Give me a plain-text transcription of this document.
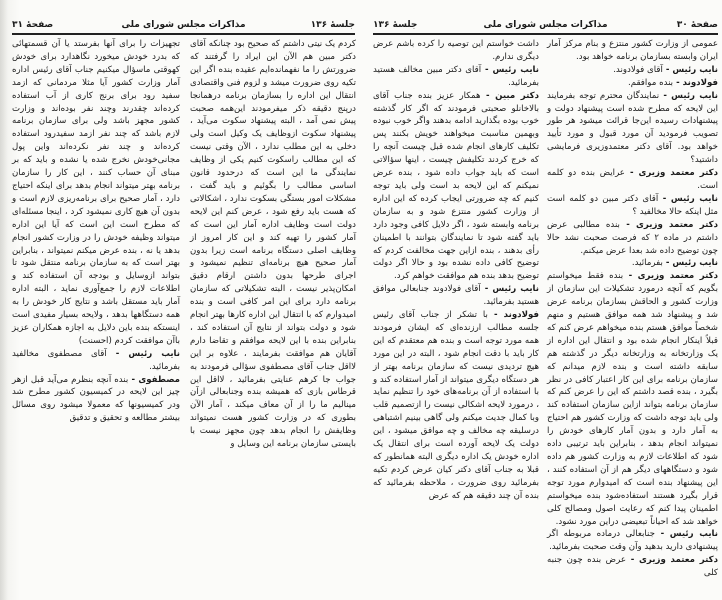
جلسهٔ ۱۳۶
مذاکرات مجلس شورای ملی
صفحهٔ ۳۱

کردم یک نیتی داشتم که صحیح بود چنانکه آقای دکتر مبین هم الآن این ایراد را گرفتند که ضرورتش را ما نفهمانده‌ایم عقیده بنده اگر این تکیه روی ضرورت میشد و لزوم فنی واقتصادی انتقال این اداره را بسازمان برنامه درهمانجا درپنج دقیقه ذکر میفرمودند این‌همه صحبت پیش نمی آمد ، البته پیشنهاد سکوت می‌آید ، پیشنهاد سکوت ازوظایف یک وکیل است ولی دخلی به این مطلب ندارد ، الآن وقتی نیست که این مطالب راسکوت کنیم یکی از وظایف نمایندگی ما این است که درحدود قانون اساسی مطالب را بگوئیم و باید گفت ، مشکلات امور بستگی بسکوت ندارد ، اشکالاتی که هست باید رفع شود ، عرض کنم این لایحه دولت است وظایف اداره آمار این است که آمار کشور را تهیه کند و این کار امروز از وظایف اصلی دستگاه برنامه است زیرا بدون آمار صحیح هیچ برنامه‌ای تنظیم نمیشود و اجرای طرحها بدون داشتن ارقام دقیق امکان‌پذیر نیست ، البته تشکیلاتی که سازمان برنامه دارد برای این امر کافی است و بنده امیدوارم که با انتقال این اداره کارها بهتر انجام شود و دولت بتواند از نتایج آن استفاده کند ، بنابراین بنده با این لایحه موافقم و تقاضا دارم آقایان هم موافقت بفرمایند ، علاوه بر این لااقل جناب آقای مصطفوی سؤالی فرمودند به جواب جا کرهم عنایتی بفرمائید ، لااقل این قرطاس بازی که همیشه بنده وجنابعالی ازآن مینالیم ما را از آن معاف میکند ، آمار الآن بطوری که در وزارت کشور هست نمیتواند وظایفش را انجام بدهد چون مجهز نیست با بایستی سازمان برنامه این وسایل و

تجهیزات را برای آنها بفرستد یا آن قسمتهائی که بدرد خودش میخورد نگاهدارد برای خودش کهوقتی ماسؤال میکنیم جناب آقای رئیس اداره آمار وزارت کشور آیا مثلا مردمانی که ازمد سفید رود برای برنج کاری از آب استفاده کرده‌اند چقدرند وچند نفر بوده‌اند و وزارت کشور مجهز باشد ولی برای سازمان برنامه لازم باشد که چند نفر ازمد سفیدرود استفاده کرده‌اند و چند نفر نکرده‌اند واین پول مجانی‌خودش نخرج شده یا نشده و باید که بر مبنای آن حساب کنند ، این کار را سازمان برنامه بهتر میتواند انجام بدهد برای اینکه احتیاج دارد ، آمار صحیح برای برنامه‌ریزی لازم است و بدون آن هیچ کاری نمیشود کرد ، اینجا مسئله‌ای که مطرح است این است که آیا این اداره میتواند وظیفه خودش را در وزارت کشور انجام بدهد یا نه ، بنده عرض میکنم نمیتواند ، بنابراین بهتر است که به سازمان برنامه منتقل شود تا بتواند ازوسایل و بودجه آن استفاده کند و اطلاعات لازم را جمع‌آوری نماید ، البته اداره آمار باید مستقل باشد و نتایج کار خودش را به همه دستگاهها بدهد ، ولایحه بسیار مفیدی است اینستکه بنده باین دلایل به اجازه همکاران عزیز باآن موافقت کردم (احسنت)

نایب رئیس - آقای مصطفوی مخالفید بفرمائید.

مصطفوی - بنده آنچه بنظرم می‌آید قبل ازهر چیز این لایحه در کمیسیون کشور مطرح شد ودر کمیسیونها که معمولا میشود روی مسائل بیشتر مطالعه و تحقیق و تدقیق

صفحهٔ ۳۰
مذاکرات مجلس شورای ملی
جلسهٔ ۱۳۶

عمومی از وزارت کشور منتزع و بنام مرکز آمار ایران وابسته بسازمان برنامه خواهد بود.

نایب رئیس - آقای فولادوند.

فولادوند - بنده موافقم.

نایب رئیس - نمایندگان محترم توجه بفرمایند این لایحه که مطرح شده است پیشنهاد دولت و پیشنهادات رسیده این‌جا قرائت میشود هر طور تصویب فرمودید آن مورد قبول و مورد تأیید خواهد بود. آقای دکتر معتمدوزیری فرمایشی داشتید؟

دکتر معتمد وزیری - عرایض بنده دو کلمه است.

نایب رئیس - آقای دکتر مبین دو کلمه است مثل اینکه حالا مخالفید ؟

دکتر معتمد وزیری - بنده مطالبی عرض داشتم در ماده ۲ که فرصت صحبت نشد حالا چون توضیح داده شد بعدا عرض میکنم.

نایب رئیس - بفرمائید.

دکتر معتمد وزیری - بنده فقط میخواستم بگویم که آنچه درمورد تشکیلات این سازمان از وزارت کشور و الحاقش بسازمان برنامه عرض شد و پیشنهاد شد همه موافق هستیم و منهم شخصاً موافق هستم بنده میخواهم عرض کنم که قبلاً اینکار انجام شده بود و انتقال این اداره از یک وزارتخانه به وزارتخانه دیگر در گذشته هم سابقه داشته است و بنده لازم میدانم که سازمان برنامه برای این کار اعتبار کافی در نظر بگیرد ، بنده قصد داشتم که این را عرض کنم که سازمان برنامه بتواند ازاین سازمان استفاده کند ولی باید توجه داشت که وزارت کشور هم احتیاج به آمار دارد و بدون آمار کارهای خودش را نمیتواند انجام بدهد ، بنابراین باید ترتیبی داده شود که اطلاعات لازم به وزارت کشور هم داده شود و دستگاههای دیگر هم از آن استفاده کنند ، این پیشنهاد بنده است که امیدوارم مورد توجه قرار بگیرد هستند استفاده‌شود بنده میخواستم اطمینان پیدا کنم که رعایت اصول ومصالح کلی خواهد شد که احیاناً تبعیضی دراین مورد نشود.

نایب رئیس - جنابعالی درماده مربوطه اگر پیشنهادی دارید بدهید وآن وقت صحبت بفرمائید.

دکتر معتمد وزیری - عرض بنده چون جنبه کلی

داشت خواستم این توصیه را کرده باشم عرض دیگری ندارم.

نایب رئیس - آقای دکتر مبین مخالف هستید بفرمائید.

دکتر مبین - همکار عزیز بنده جناب آقای بالاخانلو صحبتی فرمودند که اگر کار گذشته خوب بوده بگذارید ادامه بدهند واگر خوب نبوده وبهمین مناسبت میخواهند خویش بکنند پس تکلیف کارهای انجام شده قبل چیست آنچه را که خرج کردند تکلیفش چیست ، اینها سؤالاتی است که باید جواب داده شود ، بنده عرض نمیکنم که این لایحه بد است ولی باید توجه کنیم که چه ضرورتی ایجاب کرده که این اداره از وزارت کشور منتزع شود و به سازمان برنامه وابسته شود ، اگر دلایل کافی وجود دارد باید گفته شود تا نمایندگان بتوانند با اطمینان رأی بدهند ، بنده ازاین جهت مخالفت کردم که توضیح کافی داده نشده بود و حالا اگر دولت توضیح بدهد بنده هم موافقت خواهم کرد.

نایب رئیس - آقای فولادوند جنابعالی موافق هستید بفرمائید.

فولادوند - با تشکر از جناب آقای رئیس جلسه مطالب ارزنده‌ای که ایشان فرمودند همه مورد توجه است و بنده هم معتقدم که این کار باید با دقت انجام شود ، البته در این مورد هیچ تردیدی نیست که سازمان برنامه بهتر از هر دستگاه دیگری میتواند از آمار استفاده کند و با استفاده از آن برنامه‌های خود را تنظیم نماید ، درمورد لایحه اشکالی نیست را ازتصمیم قلب وبا کمال جدیت میکنم ولی گاهی بینیم اشتباهی درسلیقه چه مخالف و چه موافق میشود ، این دولت یک لایحه آورده است برای انتقال یک اداره خودش یک اداره دیگری البته همانطور که قبلا به جناب آقای دکتر کیان عرض کردم تکیه بفرمائید روی ضرورت ، ملاحظه بفرمائید که بنده آن چند دقیقه هم که عرض
